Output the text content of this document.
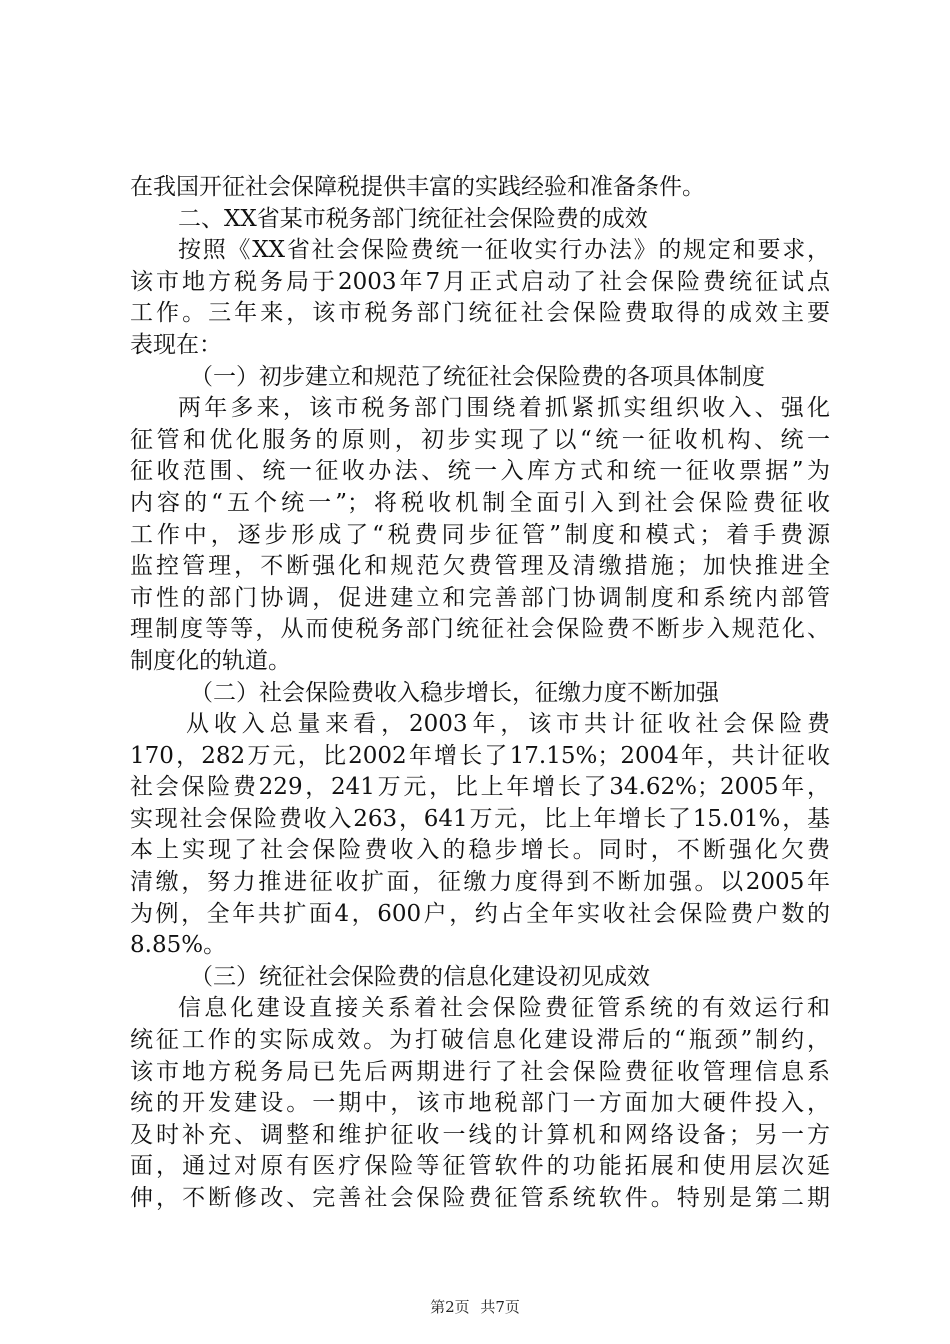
在我国开征社会保障税提供丰富的实践经验和准备条件。
二、XX省某市税务部门统征社会保险费的成效
按照《XX省社会保险费统一征收实行办法》的规定和要求，
该市地方税务局于2003年7月正式启动了社会保险费统征试点
工作。三年来，该市税务部门统征社会保险费取得的成效主要
表现在：
（一）初步建立和规范了统征社会保险费的各项具体制度
两年多来，该市税务部门围绕着抓紧抓实组织收入、强化
征管和优化服务的原则，初步实现了以“统一征收机构、统一
征收范围、统一征收办法、统一入库方式和统一征收票据”为
内容的“五个统一”；将税收机制全面引入到社会保险费征收
工作中，逐步形成了“税费同步征管”制度和模式；着手费源
监控管理，不断强化和规范欠费管理及清缴措施；加快推进全
市性的部门协调，促进建立和完善部门协调制度和系统内部管
理制度等等，从而使税务部门统征社会保险费不断步入规范化、
制度化的轨道。
（二）社会保险费收入稳步增长，征缴力度不断加强
从收入总量来看，2003年，该市共计征收社会保险费
170，282万元，比2002年增长了17.15%；2004年，共计征收
社会保险费229，241万元，比上年增长了34.62%；2005年，
实现社会保险费收入263，641万元，比上年增长了15.01%，基
本上实现了社会保险费收入的稳步增长。同时，不断强化欠费
清缴，努力推进征收扩面，征缴力度得到不断加强。以2005年
为例，全年共扩面4，600户，约占全年实收社会保险费户数的
8.85%。
（三）统征社会保险费的信息化建设初见成效
信息化建设直接关系着社会保险费征管系统的有效运行和
统征工作的实际成效。为打破信息化建设滞后的“瓶颈”制约，
该市地方税务局已先后两期进行了社会保险费征收管理信息系
统的开发建设。一期中，该市地税部门一方面加大硬件投入，
及时补充、调整和维护征收一线的计算机和网络设备；另一方
面，通过对原有医疗保险等征管软件的功能拓展和使用层次延
伸，不断修改、完善社会保险费征管系统软件。特别是第二期
第2页 共7页
